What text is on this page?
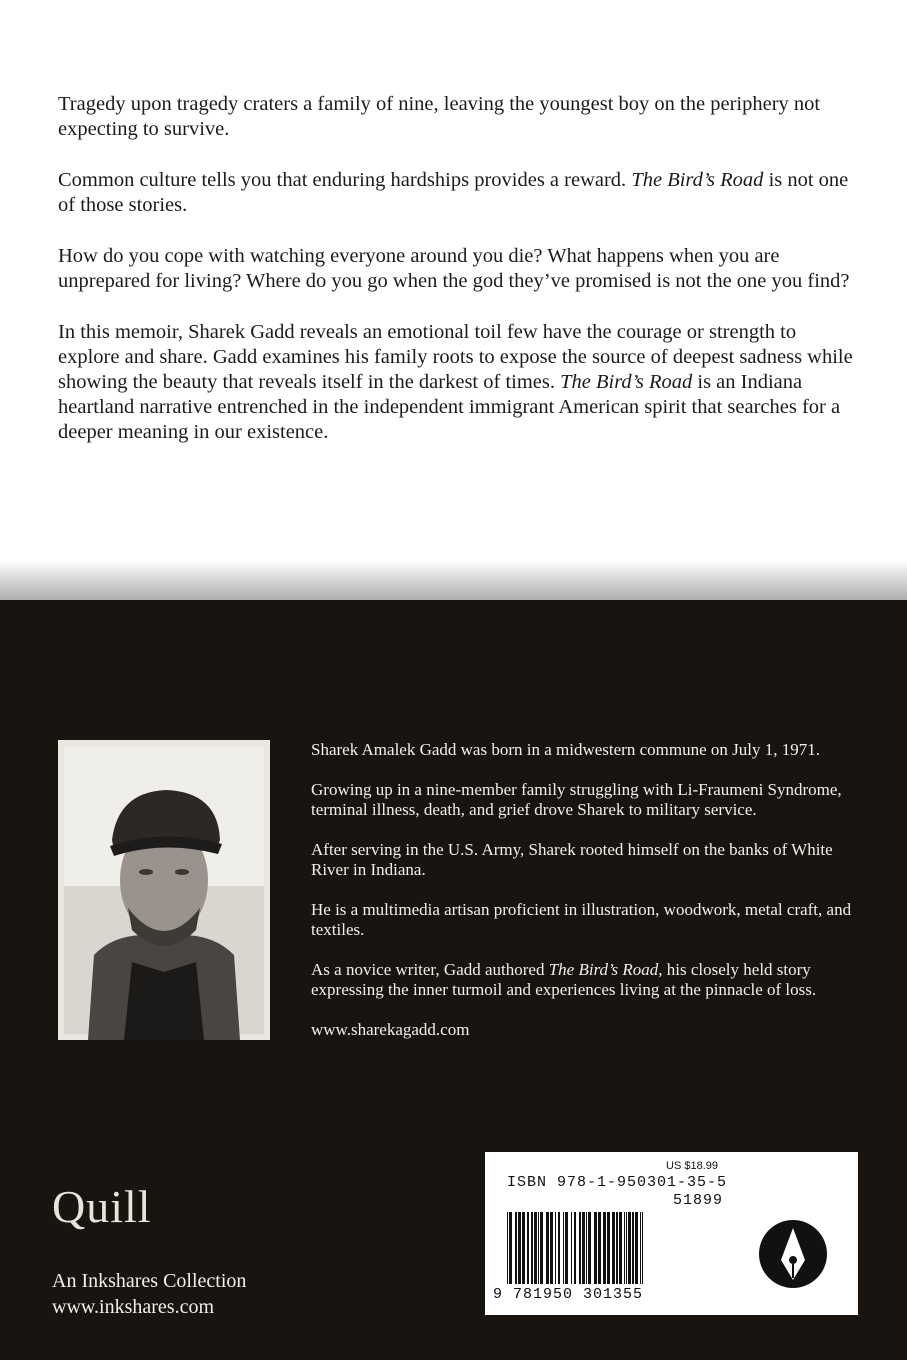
Tragedy upon tragedy craters a family of nine, leaving the youngest boy on the periphery not expecting to survive.

Common culture tells you that enduring hardships provides a reward. The Bird’s Road is not one of those stories.

How do you cope with watching everyone around you die? What happens when you are unprepared for living? Where do you go when the god they’ve promised is not the one you find?

In this memoir, Sharek Gadd reveals an emotional toil few have the courage or strength to explore and share. Gadd examines his family roots to expose the source of deepest sadness while showing the beauty that reveals itself in the darkest of times. The Bird’s Road is an Indiana heartland narrative entrenched in the independent immigrant American spirit that searches for a deeper meaning in our existence.

Sharek Amalek Gadd was born in a midwestern commune on July 1, 1971.

Growing up in a nine-member family struggling with Li-Fraumeni Syndrome, terminal illness, death, and grief drove Sharek to military service.

After serving in the U.S. Army, Sharek rooted himself on the banks of White River in Indiana.

He is a multimedia artisan proficient in illustration, woodwork, metal craft, and textiles.

As a novice writer, Gadd authored The Bird’s Road, his closely held story expressing the inner turmoil and experiences living at the pinnacle of loss.

www.sharekagadd.com

Quill
An Inkshares Collection
www.inkshares.com
US $18.99
ISBN 978-1-950301-35-5
51899
9 781950 301355
